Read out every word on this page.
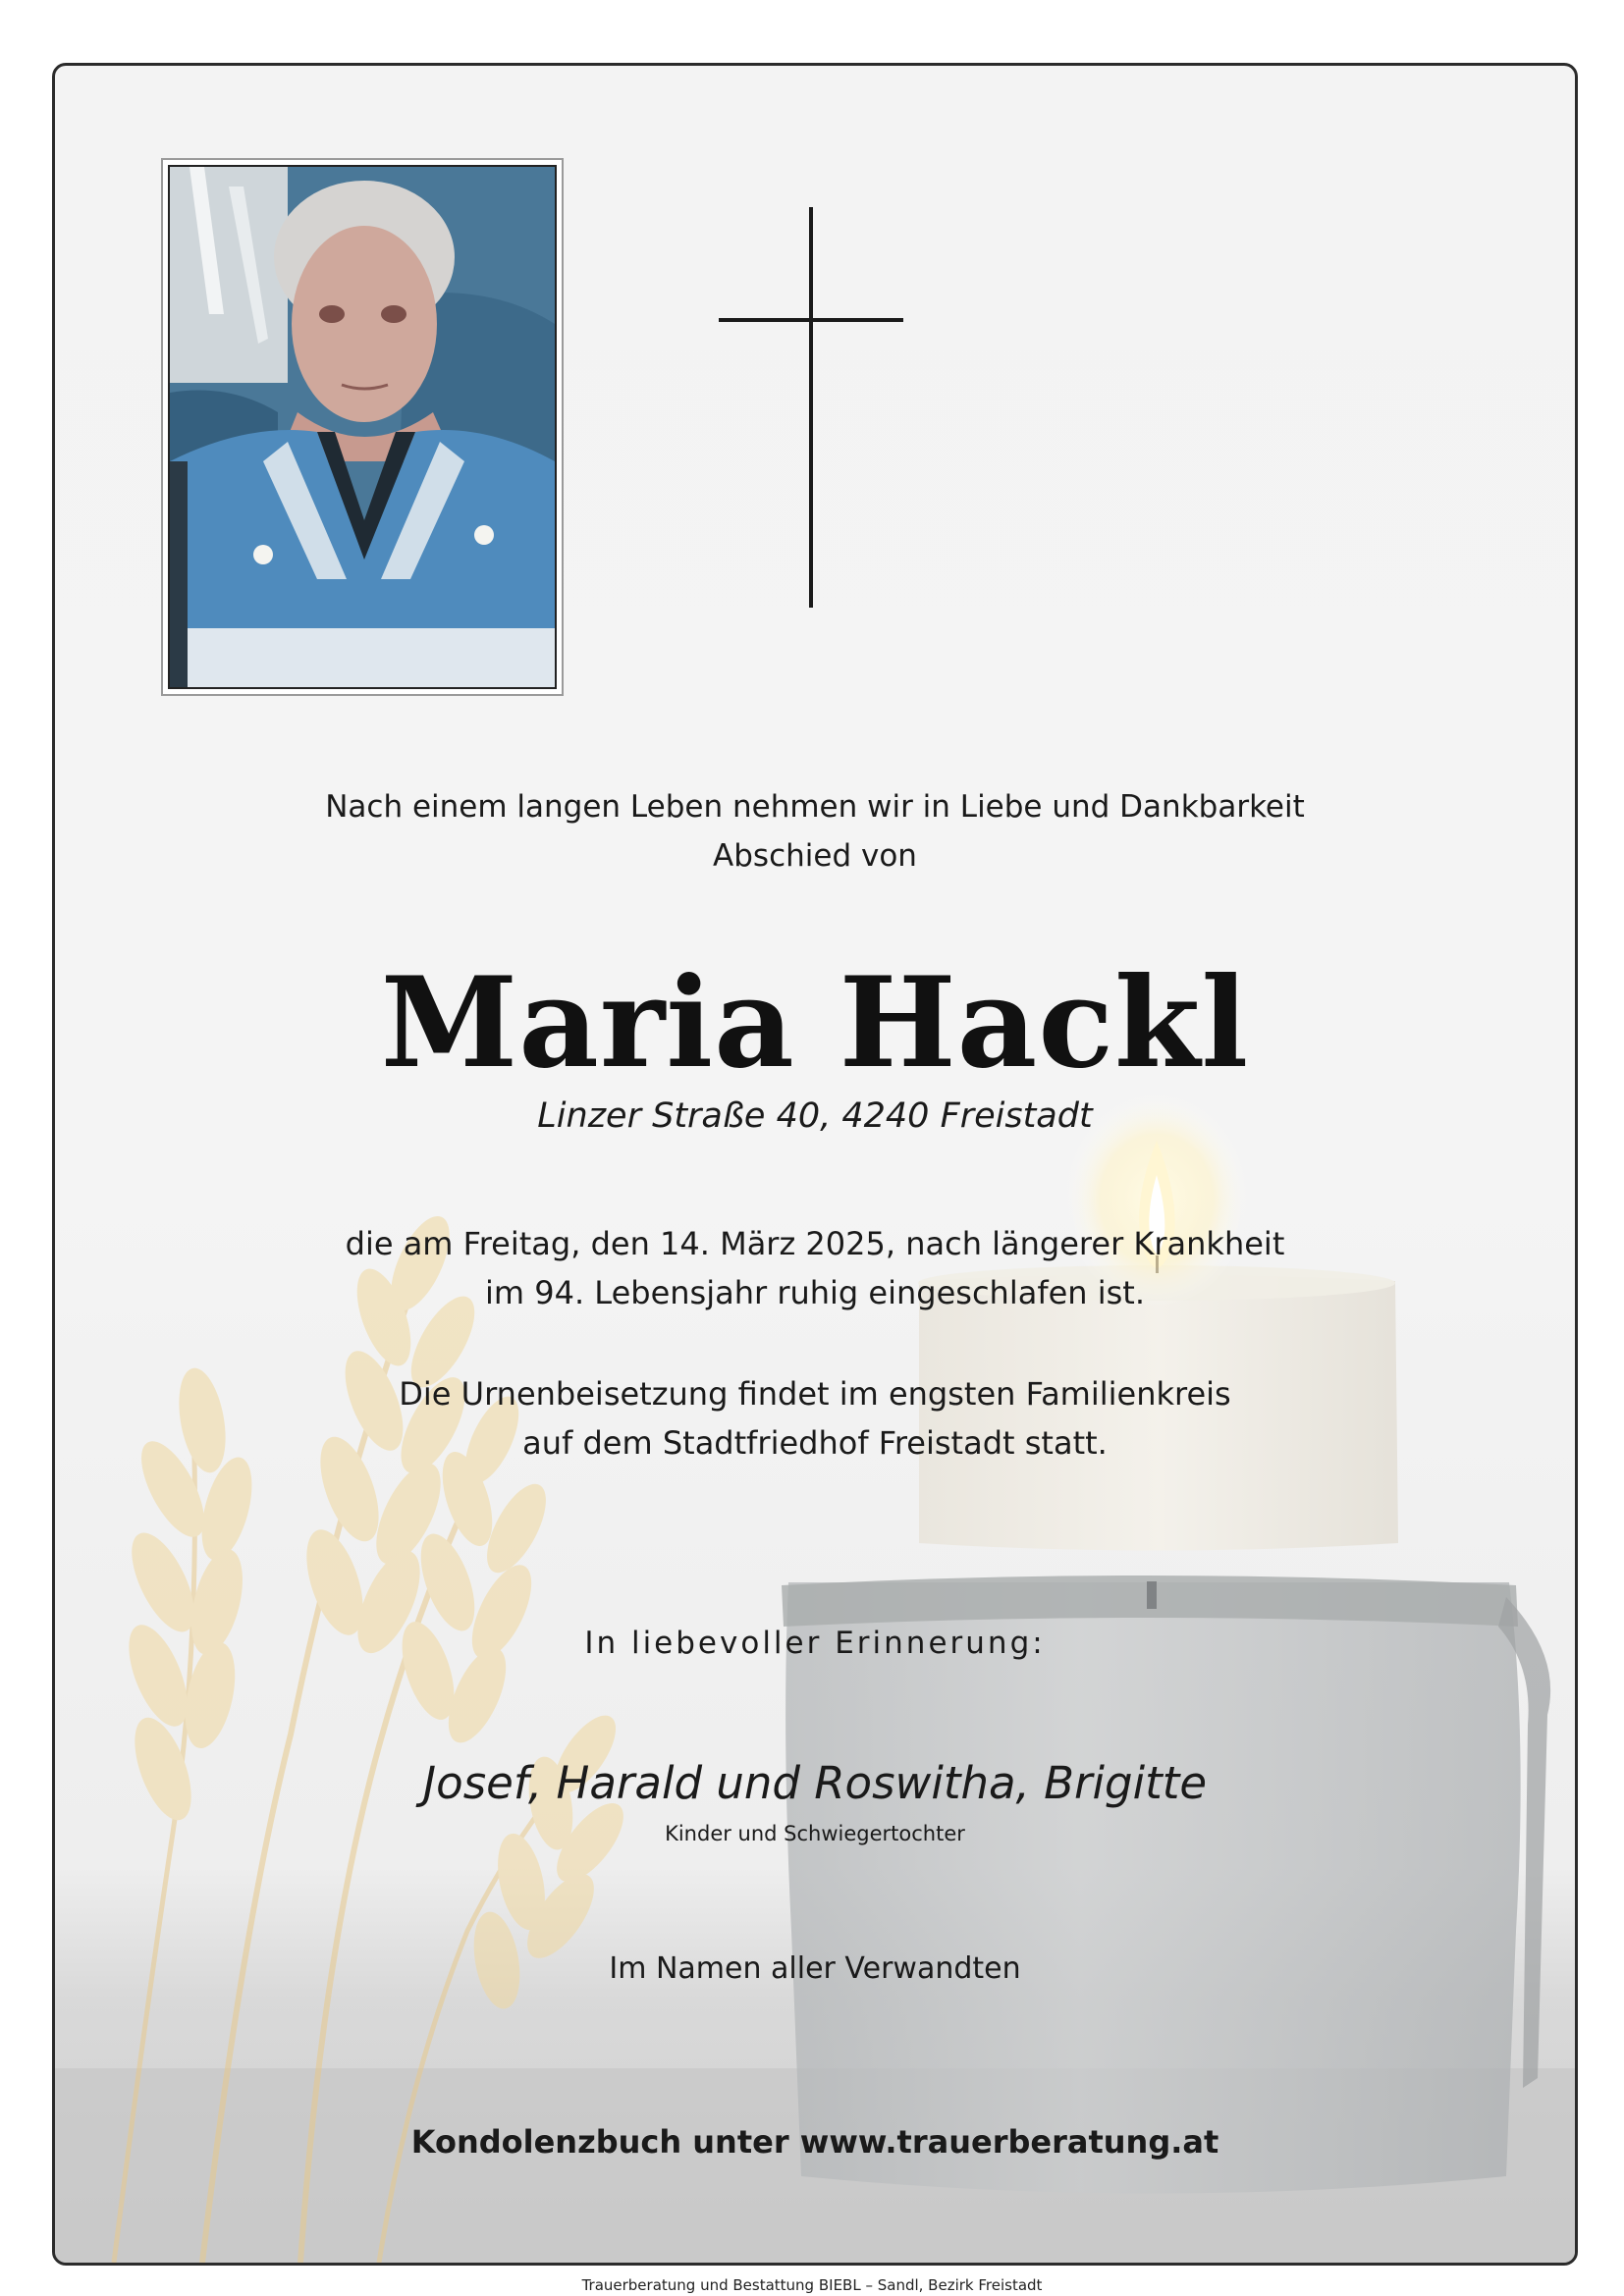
Nach einem langen Leben nehmen wir in Liebe und Dankbarkeit
Abschied von

Maria Hackl

Linzer Straße 40, 4240 Freistadt

die am Freitag, den 14. März 2025, nach längerer Krankheit
im 94. Lebensjahr ruhig eingeschlafen ist.

Die Urnenbeisetzung findet im engsten Familienkreis
auf dem Stadtfriedhof Freistadt statt.

In liebevoller Erinnerung:

Josef, Harald und Roswitha, Brigitte

Kinder und Schwiegertochter

Im Namen aller Verwandten

Kondolenzbuch unter www.trauerberatung.at

Trauerberatung und Bestattung BIEBL – Sandl, Bezirk Freistadt
